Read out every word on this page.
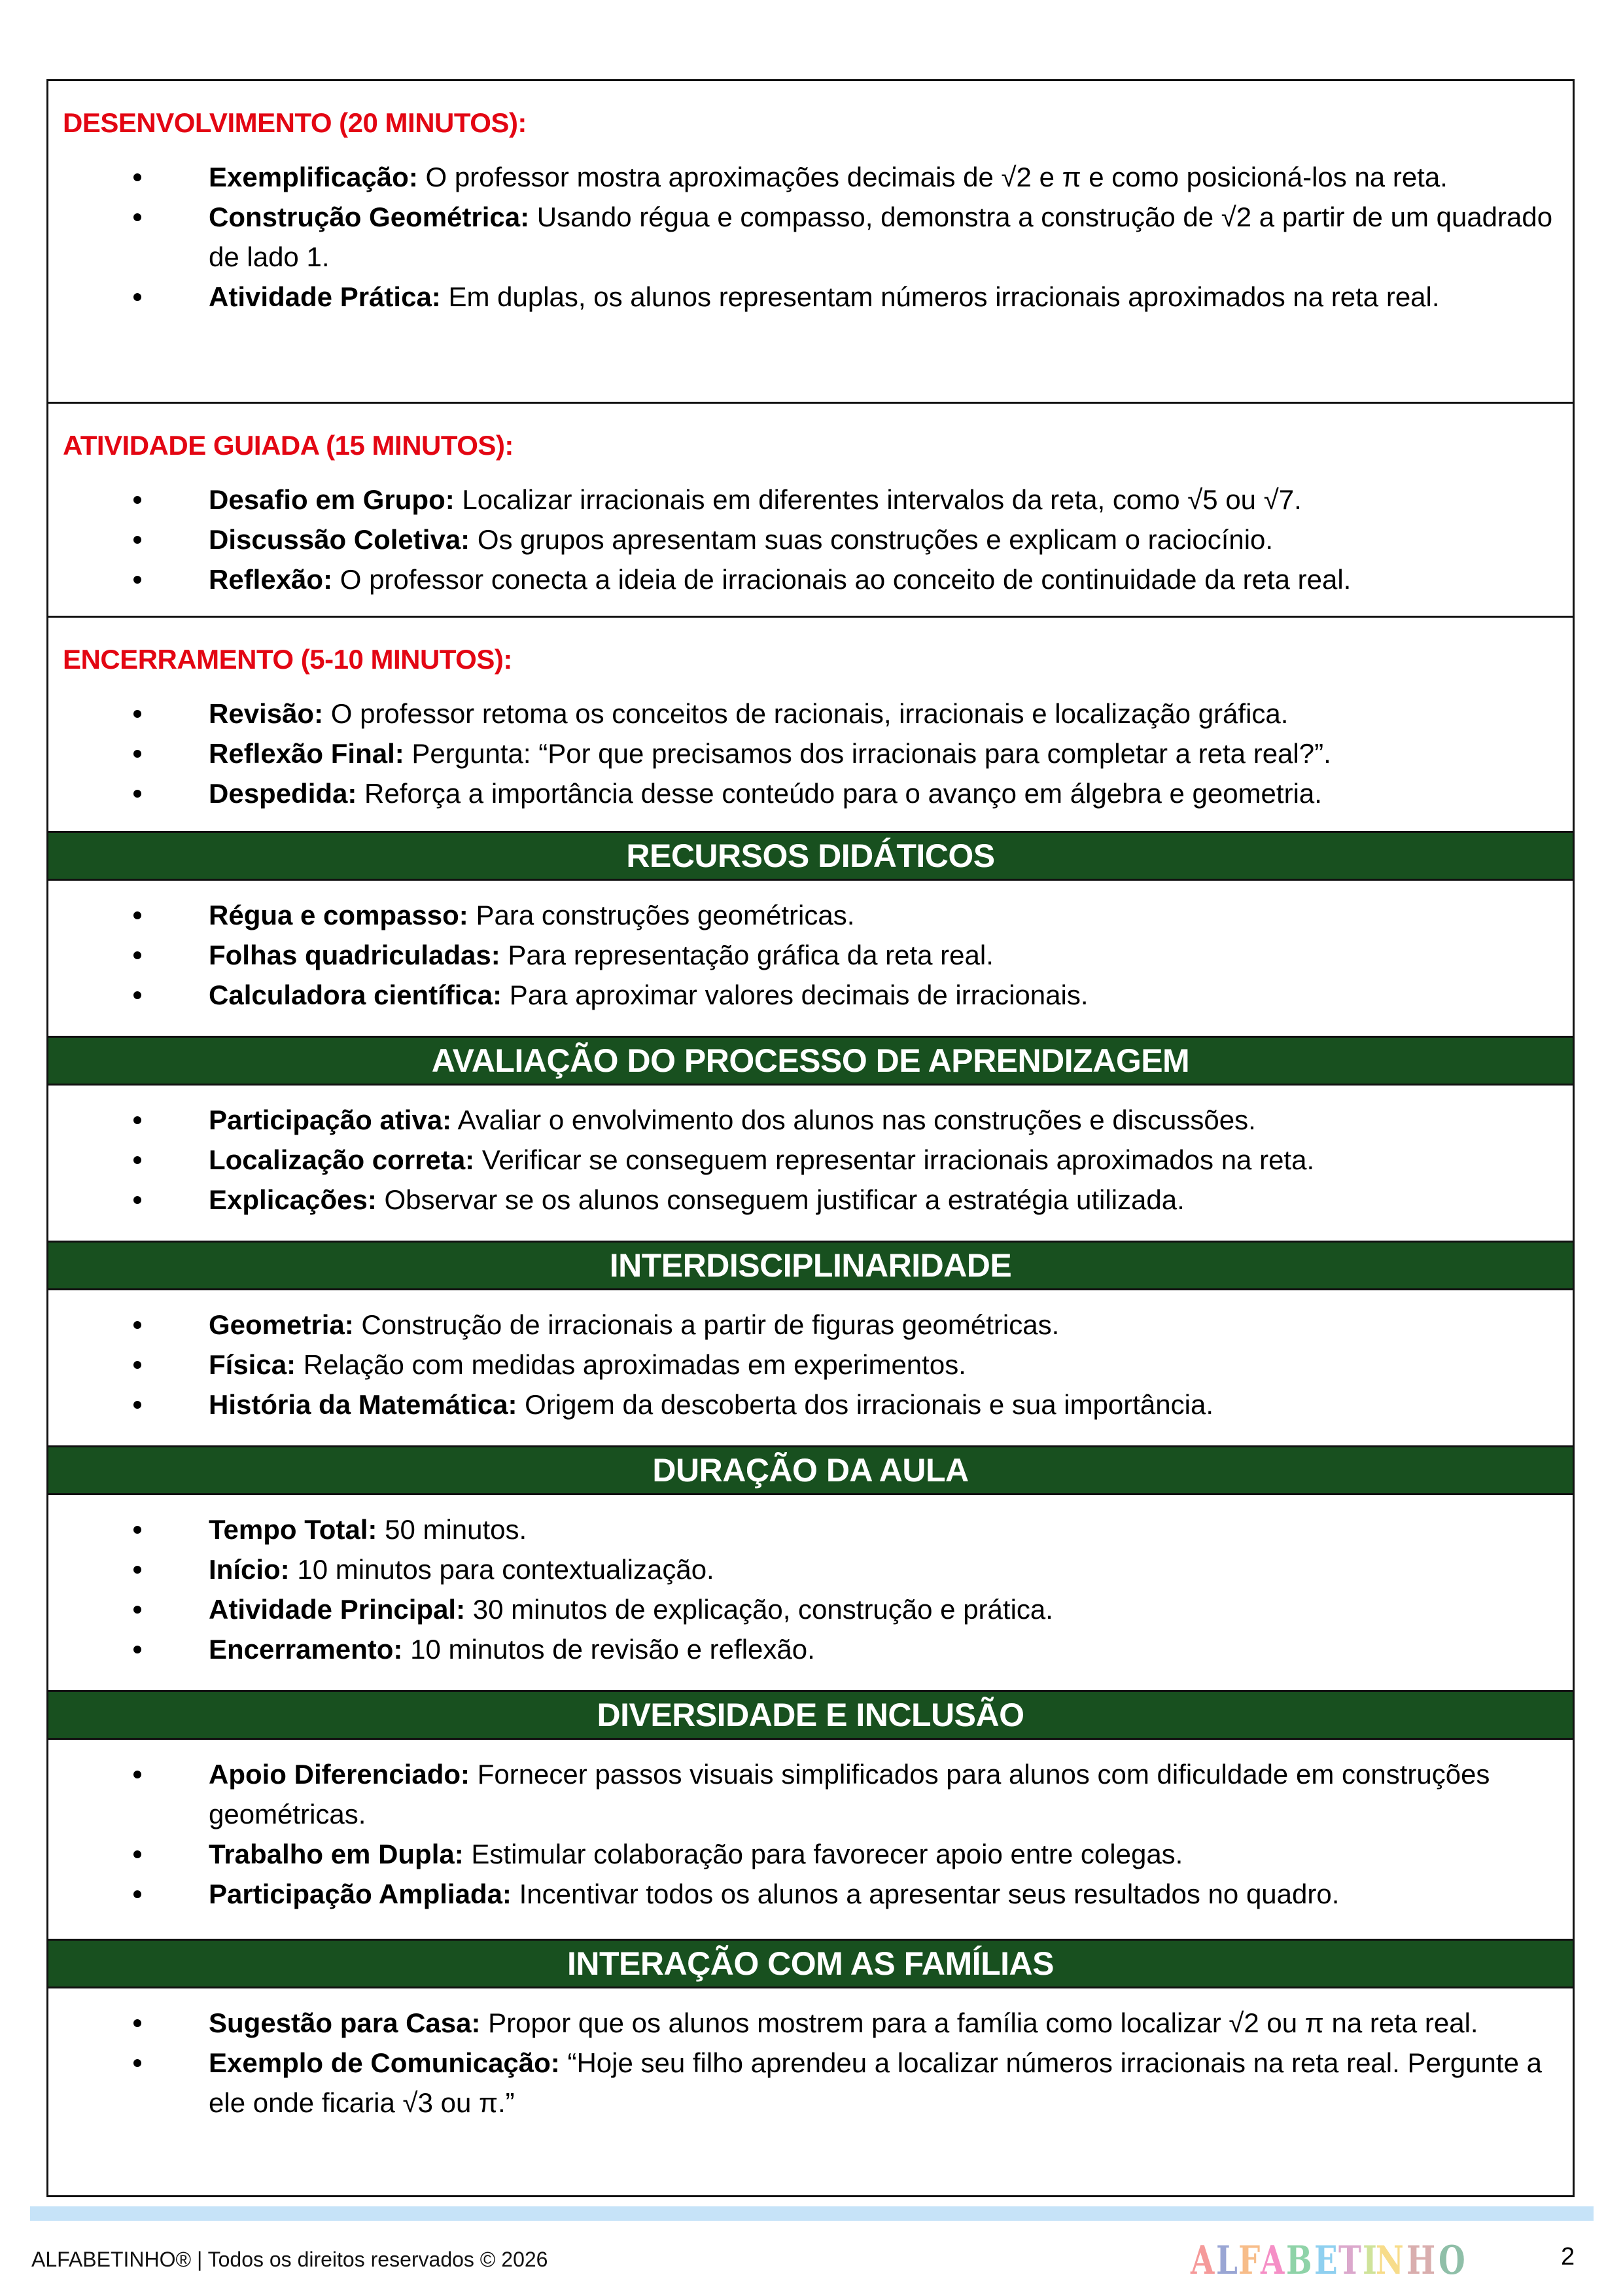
DESENVOLVIMENTO (20 MINUTOS):
Exemplificação: O professor mostra aproximações decimais de √2 e π e como posicioná-los na reta.
Construção Geométrica: Usando régua e compasso, demonstra a construção de √2 a partir de um quadrado de lado 1.
Atividade Prática: Em duplas, os alunos representam números irracionais aproximados na reta real.
ATIVIDADE GUIADA (15 MINUTOS):
Desafio em Grupo: Localizar irracionais em diferentes intervalos da reta, como √5 ou √7.
Discussão Coletiva: Os grupos apresentam suas construções e explicam o raciocínio.
Reflexão: O professor conecta a ideia de irracionais ao conceito de continuidade da reta real.
ENCERRAMENTO (5-10 MINUTOS):
Revisão: O professor retoma os conceitos de racionais, irracionais e localização gráfica.
Reflexão Final: Pergunta: “Por que precisamos dos irracionais para completar a reta real?”.
Despedida: Reforça a importância desse conteúdo para o avanço em álgebra e geometria.
RECURSOS DIDÁTICOS
Régua e compasso: Para construções geométricas.
Folhas quadriculadas: Para representação gráfica da reta real.
Calculadora científica: Para aproximar valores decimais de irracionais.
AVALIAÇÃO DO PROCESSO DE APRENDIZAGEM
Participação ativa: Avaliar o envolvimento dos alunos nas construções e discussões.
Localização correta: Verificar se conseguem representar irracionais aproximados na reta.
Explicações: Observar se os alunos conseguem justificar a estratégia utilizada.
INTERDISCIPLINARIDADE
Geometria: Construção de irracionais a partir de figuras geométricas.
Física: Relação com medidas aproximadas em experimentos.
História da Matemática: Origem da descoberta dos irracionais e sua importância.
DURAÇÃO DA AULA
Tempo Total: 50 minutos.
Início: 10 minutos para contextualização.
Atividade Principal: 30 minutos de explicação, construção e prática.
Encerramento: 10 minutos de revisão e reflexão.
DIVERSIDADE E INCLUSÃO
Apoio Diferenciado: Fornecer passos visuais simplificados para alunos com dificuldade em construções geométricas.
Trabalho em Dupla: Estimular colaboração para favorecer apoio entre colegas.
Participação Ampliada: Incentivar todos os alunos a apresentar seus resultados no quadro.
INTERAÇÃO COM AS FAMÍLIAS
Sugestão para Casa: Propor que os alunos mostrem para a família como localizar √2 ou π na reta real.
Exemplo de Comunicação: “Hoje seu filho aprendeu a localizar números irracionais na reta real. Pergunte a ele onde ficaria √3 ou π.”
ALFABETINHO® | Todos os direitos reservados © 2026	ALFABETINHO	2
